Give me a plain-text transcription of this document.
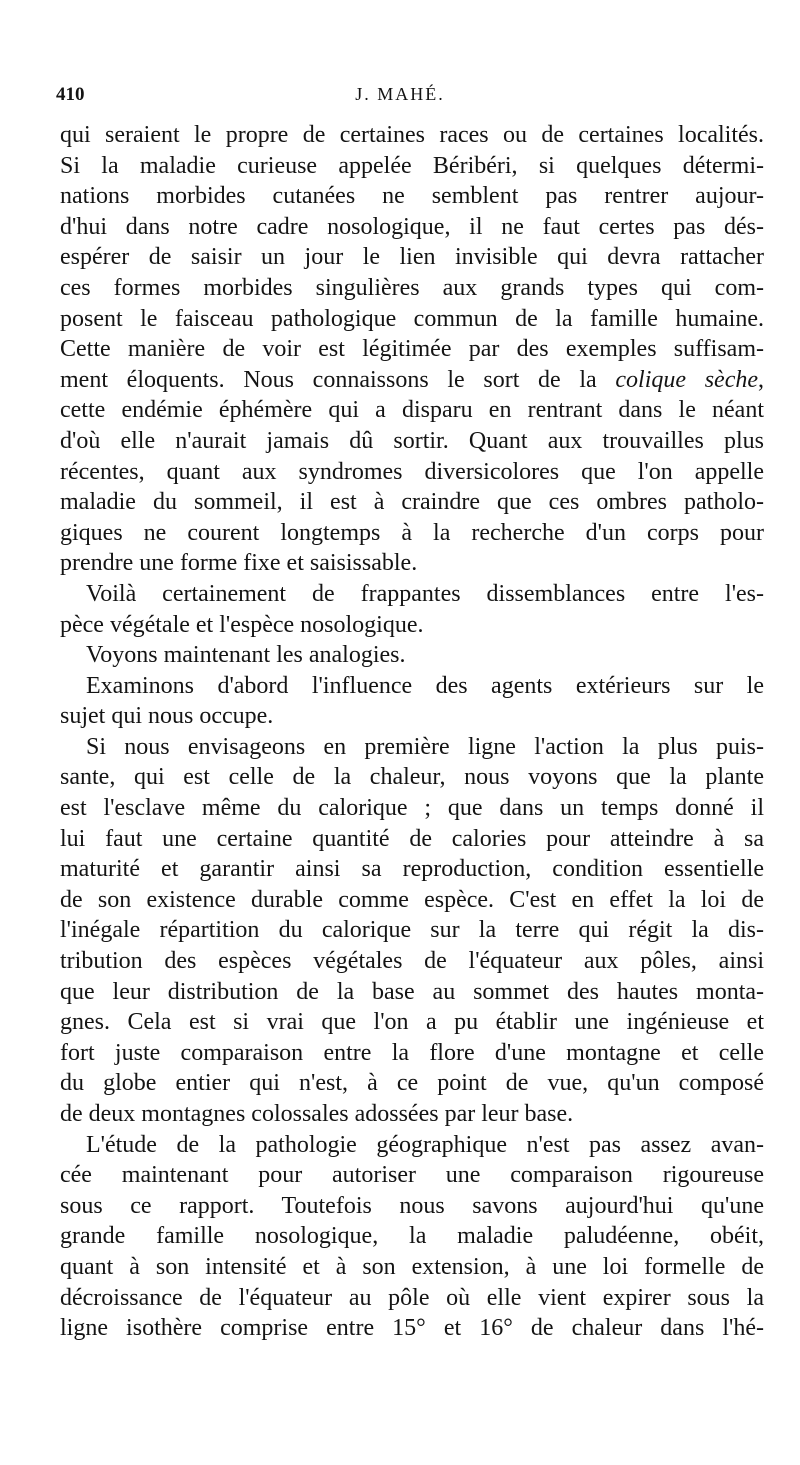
410	J. MAHÉ.
qui seraient le propre de certaines races ou de certaines localités.
Si la maladie curieuse appelée Béribéri, si quelques détermi-
nations morbides cutanées ne semblent pas rentrer aujour-
d'hui dans notre cadre nosologique, il ne faut certes pas dés-
espérer de saisir un jour le lien invisible qui devra rattacher
ces formes morbides singulières aux grands types qui com-
posent le faisceau pathologique commun de la famille humaine.
Cette manière de voir est légitimée par des exemples suffisam-
ment éloquents. Nous connaissons le sort de la colique sèche,
cette endémie éphémère qui a disparu en rentrant dans le néant
d'où elle n'aurait jamais dû sortir. Quant aux trouvailles plus
récentes, quant aux syndromes diversicolores que l'on appelle
maladie du sommeil, il est à craindre que ces ombres patholo-
giques ne courent longtemps à la recherche d'un corps pour
prendre une forme fixe et saisissable.
Voilà certainement de frappantes dissemblances entre l'es-
pèce végétale et l'espèce nosologique.
Voyons maintenant les analogies.
Examinons d'abord l'influence des agents extérieurs sur le
sujet qui nous occupe.
Si nous envisageons en première ligne l'action la plus puis-
sante, qui est celle de la chaleur, nous voyons que la plante
est l'esclave même du calorique ; que dans un temps donné il
lui faut une certaine quantité de calories pour atteindre à sa
maturité et garantir ainsi sa reproduction, condition essentielle
de son existence durable comme espèce. C'est en effet la loi de
l'inégale répartition du calorique sur la terre qui régit la dis-
tribution des espèces végétales de l'équateur aux pôles, ainsi
que leur distribution de la base au sommet des hautes monta-
gnes. Cela est si vrai que l'on a pu établir une ingénieuse et
fort juste comparaison entre la flore d'une montagne et celle
du globe entier qui n'est, à ce point de vue, qu'un composé
de deux montagnes colossales adossées par leur base.
L'étude de la pathologie géographique n'est pas assez avan-
cée maintenant pour autoriser une comparaison rigoureuse
sous ce rapport. Toutefois nous savons aujourd'hui qu'une
grande famille nosologique, la maladie paludéenne, obéit,
quant à son intensité et à son extension, à une loi formelle de
décroissance de l'équateur au pôle où elle vient expirer sous la
ligne isothère comprise entre 15° et 16° de chaleur dans l'hé-
